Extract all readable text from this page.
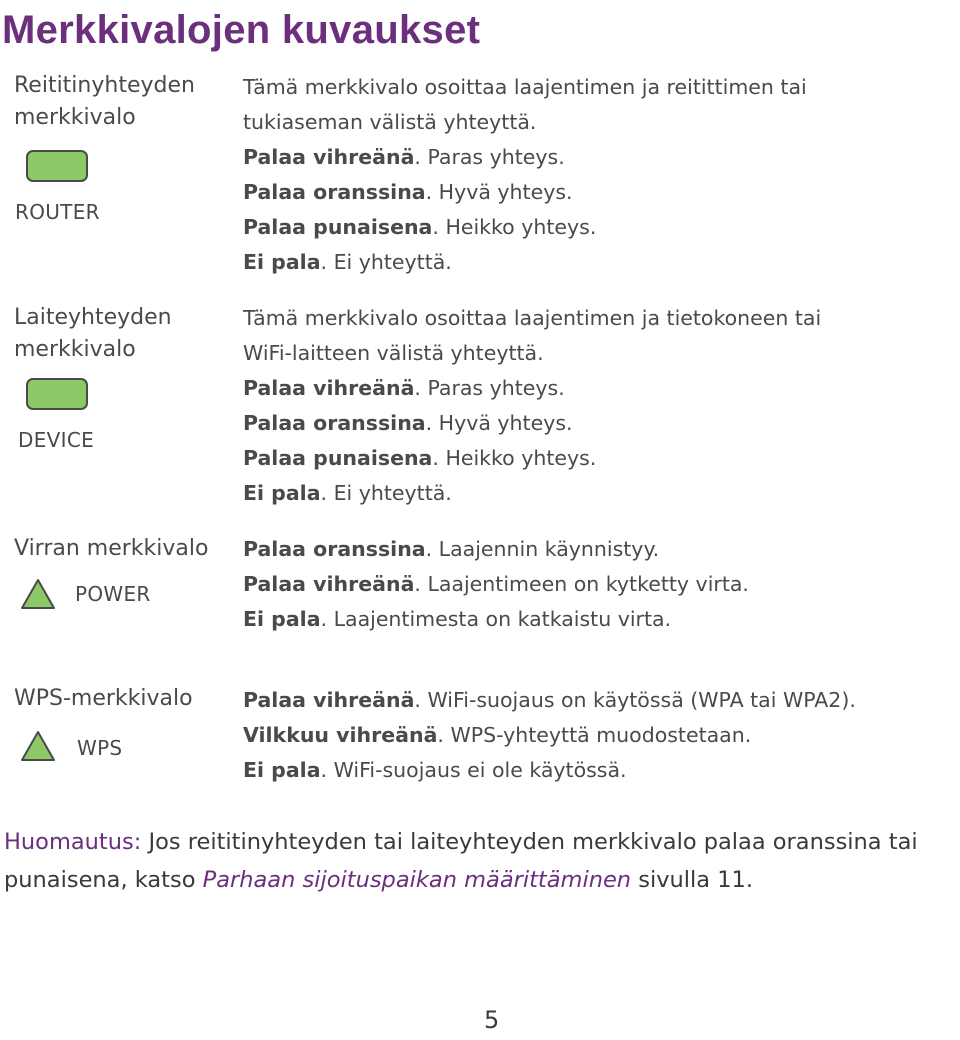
Merkkivalojen kuvaukset
Reititinyhteyden
merkkivalo
ROUTER
Tämä merkkivalo osoittaa laajentimen ja reitittimen tai
tukiaseman välistä yhteyttä.
Palaa vihreänä. Paras yhteys.
Palaa oranssina. Hyvä yhteys.
Palaa punaisena. Heikko yhteys.
Ei pala. Ei yhteyttä.
Laiteyhteyden
merkkivalo
DEVICE
Tämä merkkivalo osoittaa laajentimen ja tietokoneen tai
WiFi-laitteen välistä yhteyttä.
Palaa vihreänä. Paras yhteys.
Palaa oranssina. Hyvä yhteys.
Palaa punaisena. Heikko yhteys.
Ei pala. Ei yhteyttä.
Virran merkkivalo
POWER
Palaa oranssina. Laajennin käynnistyy.
Palaa vihreänä. Laajentimeen on kytketty virta.
Ei pala. Laajentimesta on katkaistu virta.
WPS-merkkivalo
WPS
Palaa vihreänä. WiFi-suojaus on käytössä (WPA tai WPA2).
Vilkkuu vihreänä. WPS-yhteyttä muodostetaan.
Ei pala. WiFi-suojaus ei ole käytössä.
Huomautus: Jos reititinyhteyden tai laiteyhteyden merkkivalo palaa oranssina tai punaisena, katso Parhaan sijoituspaikan määrittäminen sivulla 11.
5
